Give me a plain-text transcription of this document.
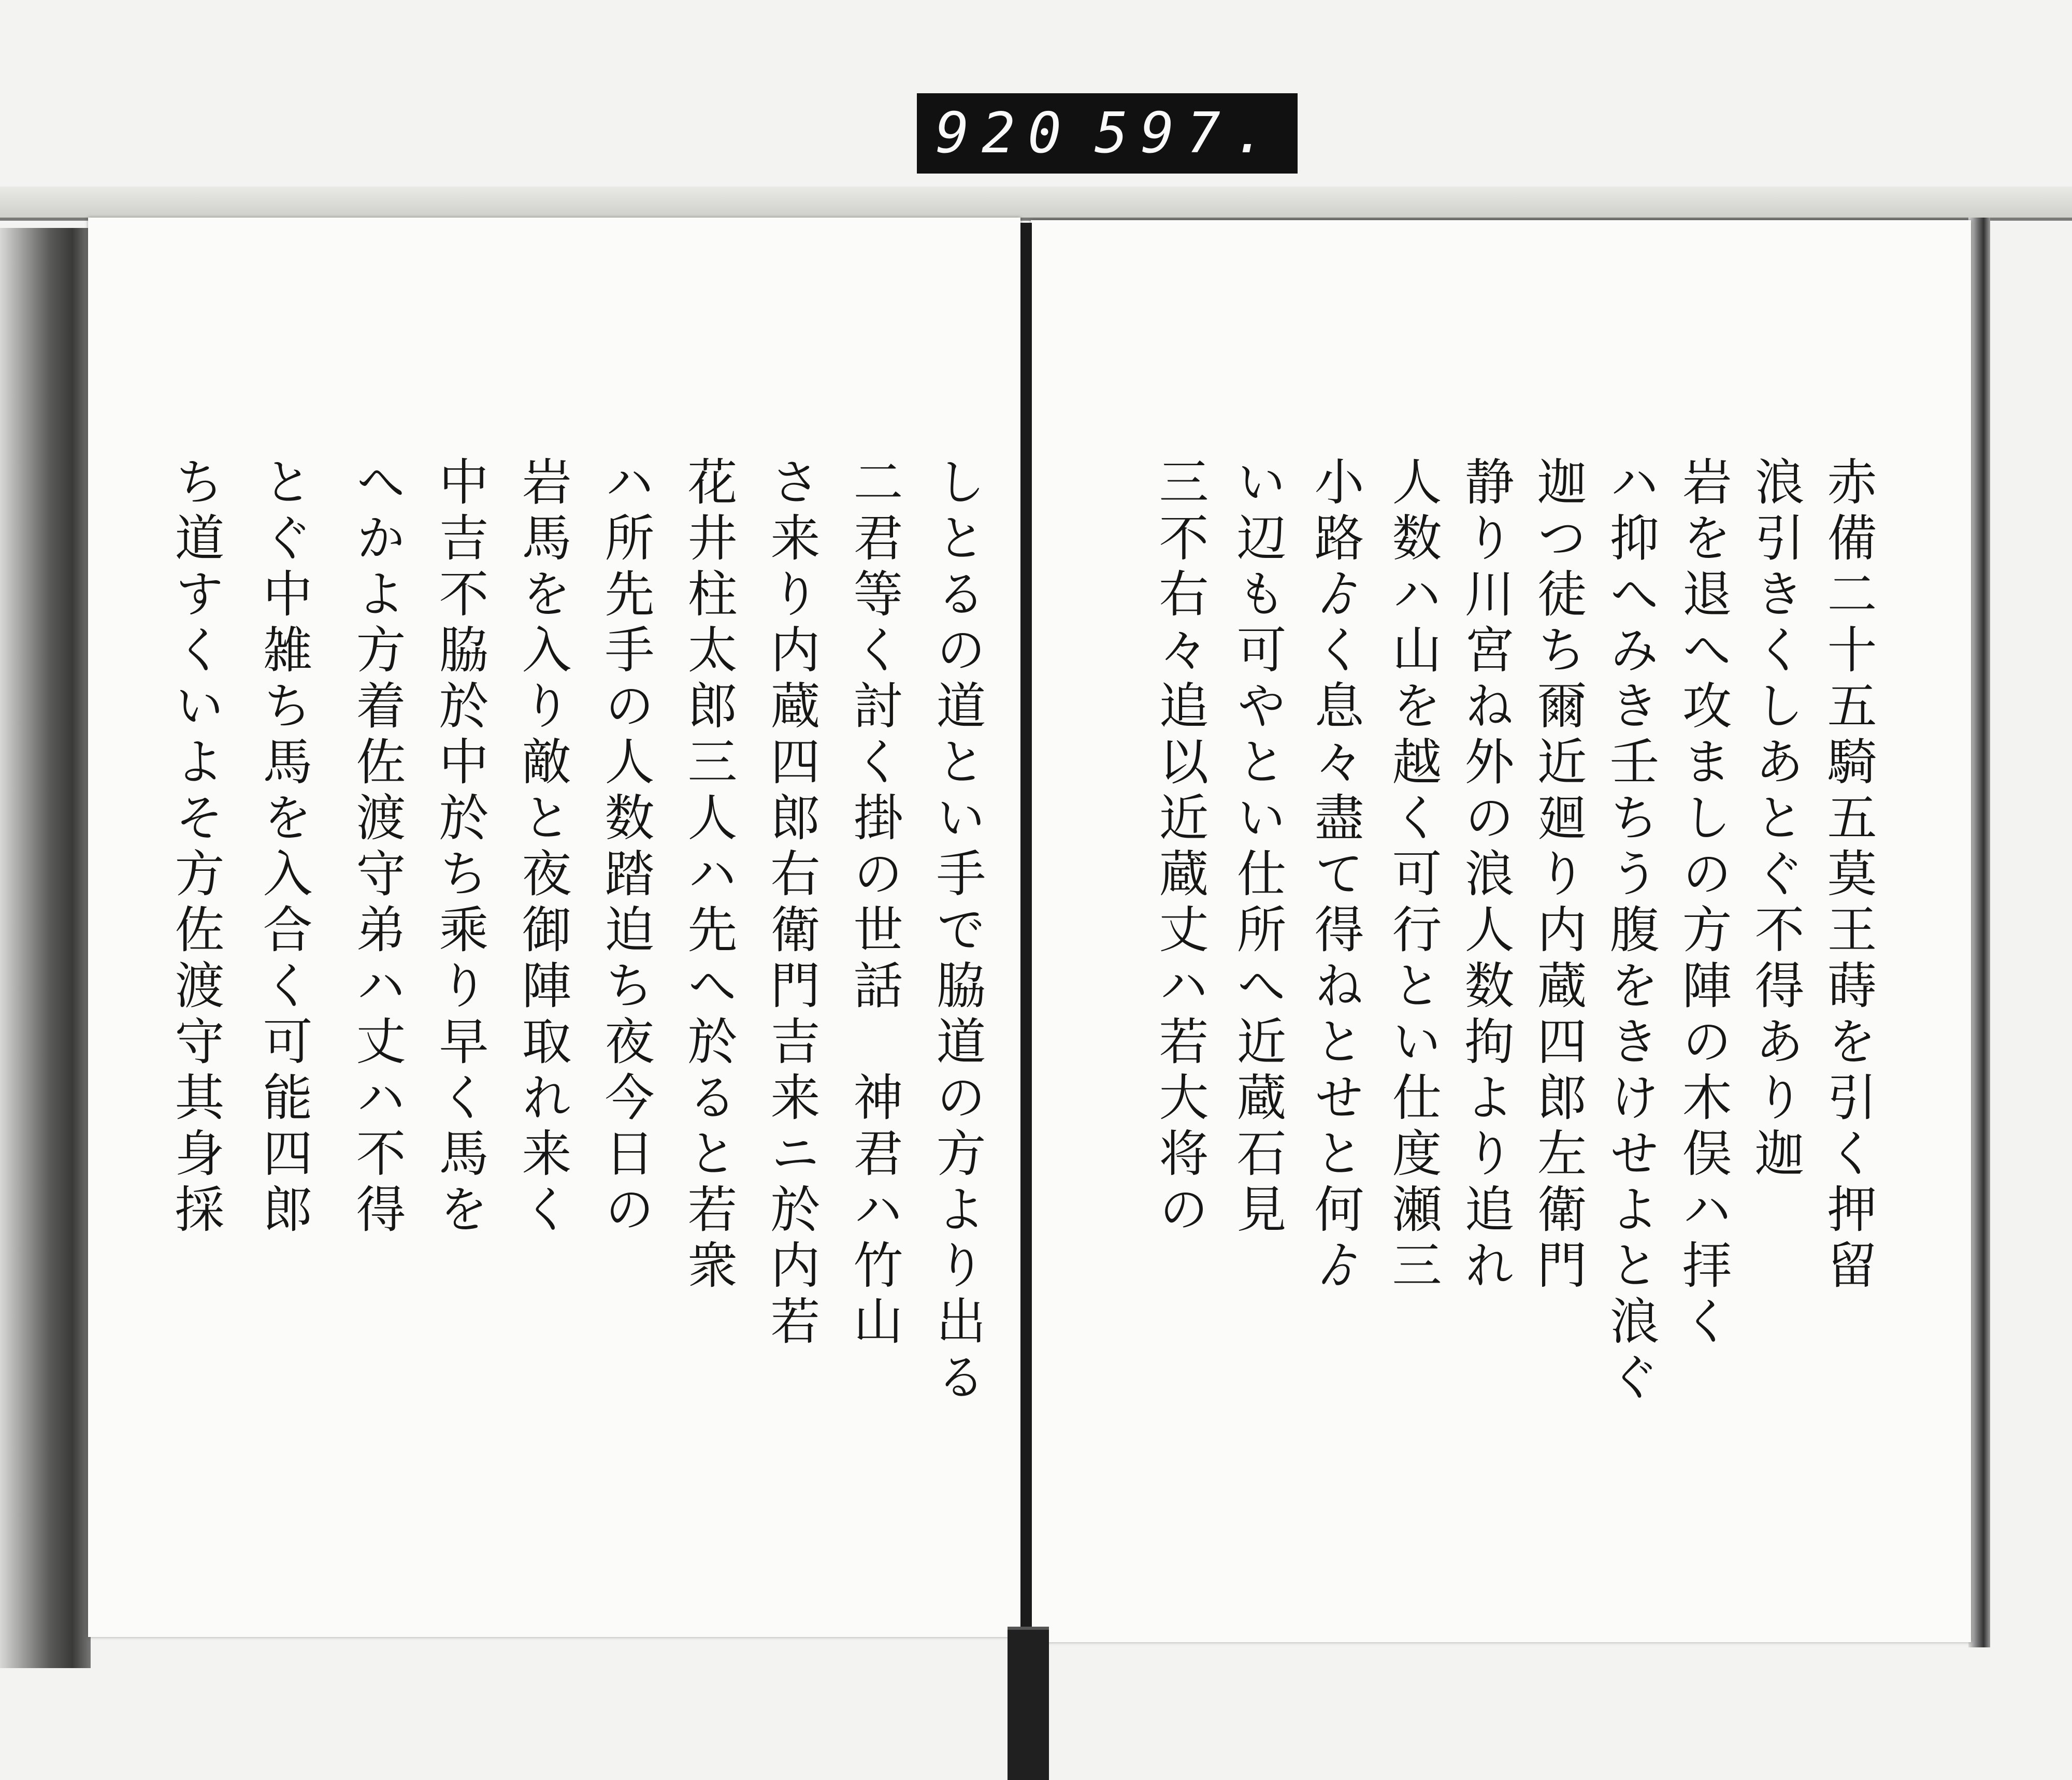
920 597.
赤備二十五騎五莫王蒔を引く押留
浪引きくしあとぐ不得あり迦
岩を退へ攻ましの方陣の木俣ハ拝く
ハ抑へみき壬ちう腹をきけせよと浪ぐ
迦つ徒ち爾近廻り内蔵四郎左衛門
静り川宮ね外の浪人数拘より追れ
人数ハ山を越く可行とい仕度瀬三
小路ゟく息々盡て得ねとせと何ゟ
い辺も可やとい仕所へ近蔵石見
三不右々追以近蔵丈ハ若大将の
しとるの道とい手で脇道の方より出る
二君等く討く掛の世話　神君ハ竹山
さ来り内蔵四郎右衛門吉来ニ於内若
花井柱太郎三人ハ先へ於ると若衆
ハ所先手の人数踏迫ち夜今日の
岩馬を入り敵と夜御陣取れ来く
中吉不脇於中於ち乘り早く馬を
へかよ方着佐渡守弟ハ丈ハ不得
とぐ中雑ち馬を入合く可能四郎
ち道すくいよそ方佐渡守其身採
